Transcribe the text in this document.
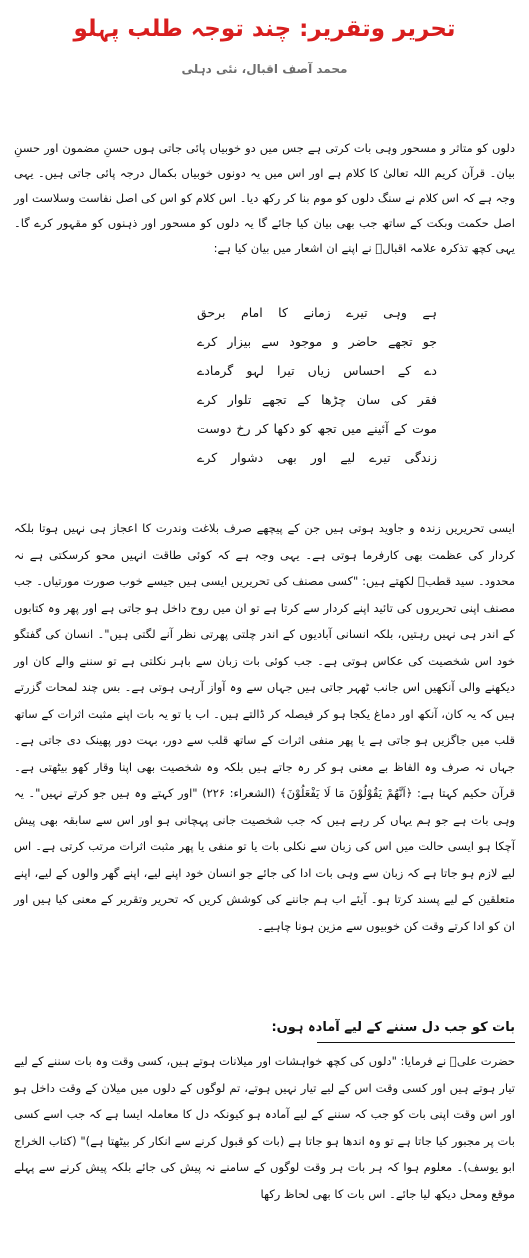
تحریر وتقریر: چند توجہ طلب پہلو
محمد آصف اقبال، نئی دہلی

دلوں کو متاثر و مسحور وہی بات کرتی ہے جس میں دو خوبیاں پائی جاتی ہوں حسنِ مضمون اور حسنِ بیان۔ قرآن کریم اللہ تعالیٰ کا کلام ہے اور اس میں یہ دونوں خوبیاں بکمال درجہ پائی جاتی ہیں۔ یہی وجہ ہے کہ اس کلام نے سنگ دلوں کو موم بنا کر رکھ دیا۔ اس کلام کو اس کی اصل نفاست وسلاست اور اصل حکمت وبکت کے ساتھ جب بھی بیان کیا جائے گا یہ دلوں کو مسحور اور ذہنوں کو مقہور کرے گا۔ یہی کچھ تذکرہ علامہ اقبالؒ نے اپنے ان اشعار میں بیان کیا ہے:

ہے وہی تیرے زمانے کا امام برحق
جو تجھے حاضر و موجود سے بیزار کرے
دے کے احساس زیاں تیرا لہو گرمادے
فقر کی سان چڑھا کے تجھے تلوار کرے
موت کے آئینے میں تجھ کو دکھا کر رخ دوست
زندگی تیرے لیے اور بھی دشوار کرے

ایسی تحریریں زندہ و جاوید ہوتی ہیں جن کے پیچھے صرف بلاغت وندرت کا اعجاز ہی نہیں ہوتا بلکہ کردار کی عظمت بھی کارفرما ہوتی ہے۔ یہی وجہ ہے کہ کوئی طاقت انہیں محو کرسکتی ہے نہ محدود۔ سید قطبؒ لکھتے ہیں: "کسی مصنف کی تحریریں ایسی ہیں جیسے خوب صورت مورتیاں۔ جب مصنف اپنی تحریروں کی تائید اپنے کردار سے کرتا ہے تو ان میں روح داخل ہو جاتی ہے اور پھر وہ کتابوں کے اندر ہی نہیں رہتیں، بلکہ انسانی آبادیوں کے اندر چلتی پھرتی نظر آنے لگتی ہیں"۔ انسان کی گفتگو خود اس شخصیت کی عکاس ہوتی ہے۔ جب کوئی بات زبان سے باہر نکلتی ہے تو سننے والے کان اور دیکھنے والی آنکھیں اس جانب ٹھہر جاتی ہیں جہاں سے وہ آواز آرہی ہوتی ہے۔ بس چند لمحات گزرتے ہیں کہ یہ کان، آنکھ اور دماغ یکجا ہو کر فیصلہ کر ڈالتے ہیں۔ اب یا تو یہ بات اپنے مثبت اثرات کے ساتھ قلب میں جاگزیں ہو جاتی ہے یا پھر منفی اثرات کے ساتھ قلب سے دور، بہت دور پھینک دی جاتی ہے۔ جہاں نہ صرف وہ الفاظ بے معنی ہو کر رہ جاتے ہیں بلکہ وہ شخصیت بھی اپنا وقار کھو بیٹھتی ہے۔ قرآن حکیم کہتا ہے: ﴿اَنَّهُمْ يَقُوْلُوْنَ مَا لَا يَفْعَلُوْنَ﴾ (الشعراء: ۲۲۶) "اور کہتے وہ ہیں جو کرتے نہیں"۔ یہ وہی بات ہے جو ہم یہاں کر رہے ہیں کہ جب شخصیت جانی پہچانی ہو اور اس سے سابقہ بھی پیش آچکا ہو ایسی حالت میں اس کی زبان سے نکلی بات یا تو منفی یا پھر مثبت اثرات مرتب کرتی ہے۔ اس لیے لازم ہو جاتا ہے کہ زبان سے وہی بات ادا کی جائے جو انسان خود اپنے لیے، اپنے گھر والوں کے لیے، اپنے متعلقین کے لیے پسند کرتا ہو۔ آیئے اب ہم جاننے کی کوشش کریں کہ تحریر وتقریر کے معنی کیا ہیں اور ان کو ادا کرتے وقت کن خوبیوں سے مزین ہونا چاہیے۔

بات کو جب دل سننے کے لیے آمادہ ہوں:

حضرت علیؓ نے فرمایا: "دلوں کی کچھ خواہشات اور میلانات ہوتے ہیں، کسی وقت وہ بات سننے کے لیے تیار ہوتے ہیں اور کسی وقت اس کے لیے تیار نہیں ہوتے، تم لوگوں کے دلوں میں میلان کے وقت داخل ہو اور اس وقت اپنی بات کو جب کہ سننے کے لیے آمادہ ہو کیونکہ دل کا معاملہ ایسا ہے کہ جب اسے کسی بات پر مجبور کیا جاتا ہے تو وہ اندھا ہو جاتا ہے (بات کو قبول کرنے سے انکار کر بیٹھتا ہے)" (کتاب الخراج ابو یوسف)۔ معلوم ہوا کہ ہر بات ہر وقت لوگوں کے سامنے نہ پیش کی جائے بلکہ پیش کرنے سے پہلے موقع ومحل دیکھ لیا جائے۔ اس بات کا بھی لحاظ رکھا
